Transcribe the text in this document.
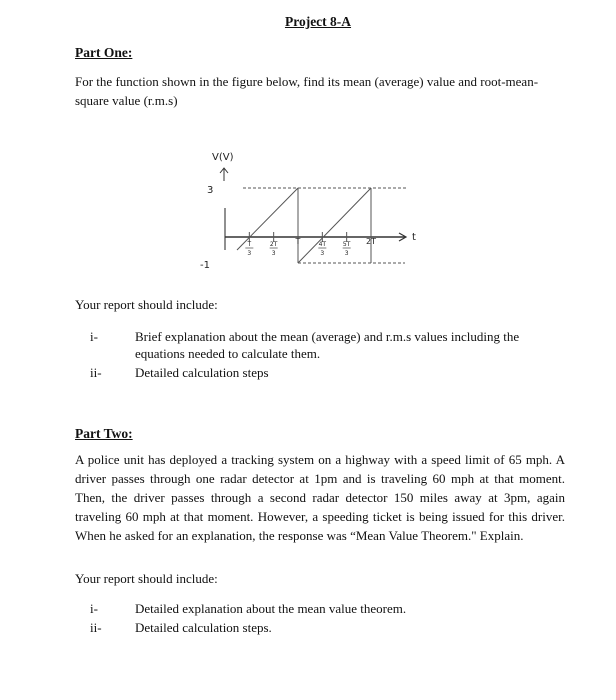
Project 8-A
Part One:
For the function shown in the figure below, find its mean (average) value and root-mean-square value (r.m.s)
V(V)
3
-1
t
T
3
2T
3
T	4T
3
5T
3
2T
Your report should include:
i-	Brief explanation about the mean (average) and r.m.s values including the equations needed to calculate them.
ii-	Detailed calculation steps
Part Two:
A police unit has deployed a tracking system on a highway with a speed limit of 65 mph. A driver passes through one radar detector at 1pm and is traveling 60 mph at that moment. Then, the driver passes through a second radar detector 150 miles away at 3pm, again traveling 60 mph at that moment. However, a speeding ticket is being issued for this driver. When he asked for an explanation, the response was “Mean Value Theorem." Explain.
Your report should include:
i-	Detailed explanation about the mean value theorem.
ii-	Detailed calculation steps.
